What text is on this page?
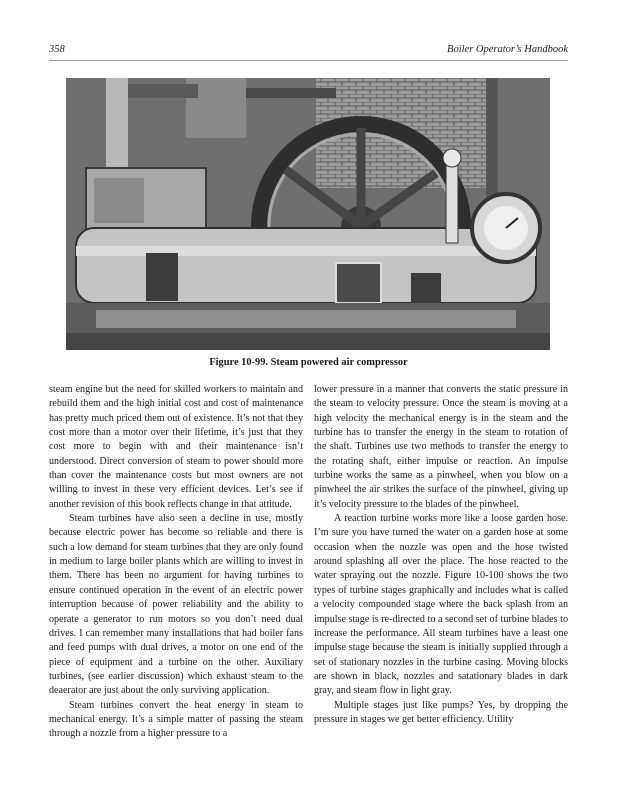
358	Boiler Operator’s Handbook
Figure 10-99. Steam powered air compressor

steam engine but the need for skilled workers to maintain and rebuild them and the high initial cost and cost of maintenance has pretty much priced them out of existence. It’s not that they cost more than a motor over their lifetime, it’s just that they cost more to begin with and their maintenance isn’t understood. Direct conversion of steam to power should more than cover the maintenance costs but most owners are not willing to invest in these very efficient devices. Let’s see if another revision of this book reflects change in that attitude.

Steam turbines have also seen a decline in use, mostly because electric power has become so reliable and there is such a low demand for steam turbines that they are only found in medium to large boiler plants which are willing to invest in them. There has been no argument for having turbines to ensure continued operation in the event of an electric power interruption because of power reliability and the ability to operate a generator to run motors so you don’t need dual drives. I can remember many installations that had boiler fans and feed pumps with dual drives, a motor on one end of the piece of equipment and a turbine on the other. Auxiliary turbines, (see earlier discussion) which exhaust steam to the deaerator are just about the only surviving application.

Steam turbines convert the heat energy in steam to mechanical energy. It’s a simple matter of passing the steam through a nozzle from a higher pressure to a

lower pressure in a manner that converts the static pressure in the steam to velocity pressure. Once the steam is moving at a high velocity the mechanical energy is in the steam and the turbine has to transfer the energy in the steam to rotation of the shaft. Turbines use two methods to transfer the energy to the rotating shaft, either impulse or reaction. An impulse turbine works the same as a pinwheel, when you blow on a pinwheel the air strikes the surface of the pinwheel, giving up it’s velocity pressure to the blades of the pinwheel.

A reaction turbine works more like a loose garden hose. I’m sure you have turned the water on a garden hose at some occasion when the nozzle was open and the hose twisted around splashing all over the place. The hose reacted to the water spraying out the nozzle. Figure 10-100 shows the two types of turbine stages graphically and includes what is called a velocity compounded stage where the back splash from an impulse stage is re-directed to a second set of turbine blades to increase the performance. All steam turbines have a least one impulse stage because the steam is initially supplied through a set of stationary nozzles in the turbine casing. Moving blocks are shown in black, nozzles and satationary blades in dark gray, and steam flow in light gray.

Multiple stages just like pumps? Yes, by dropping the pressure in stages we get better efficiency. Utility
